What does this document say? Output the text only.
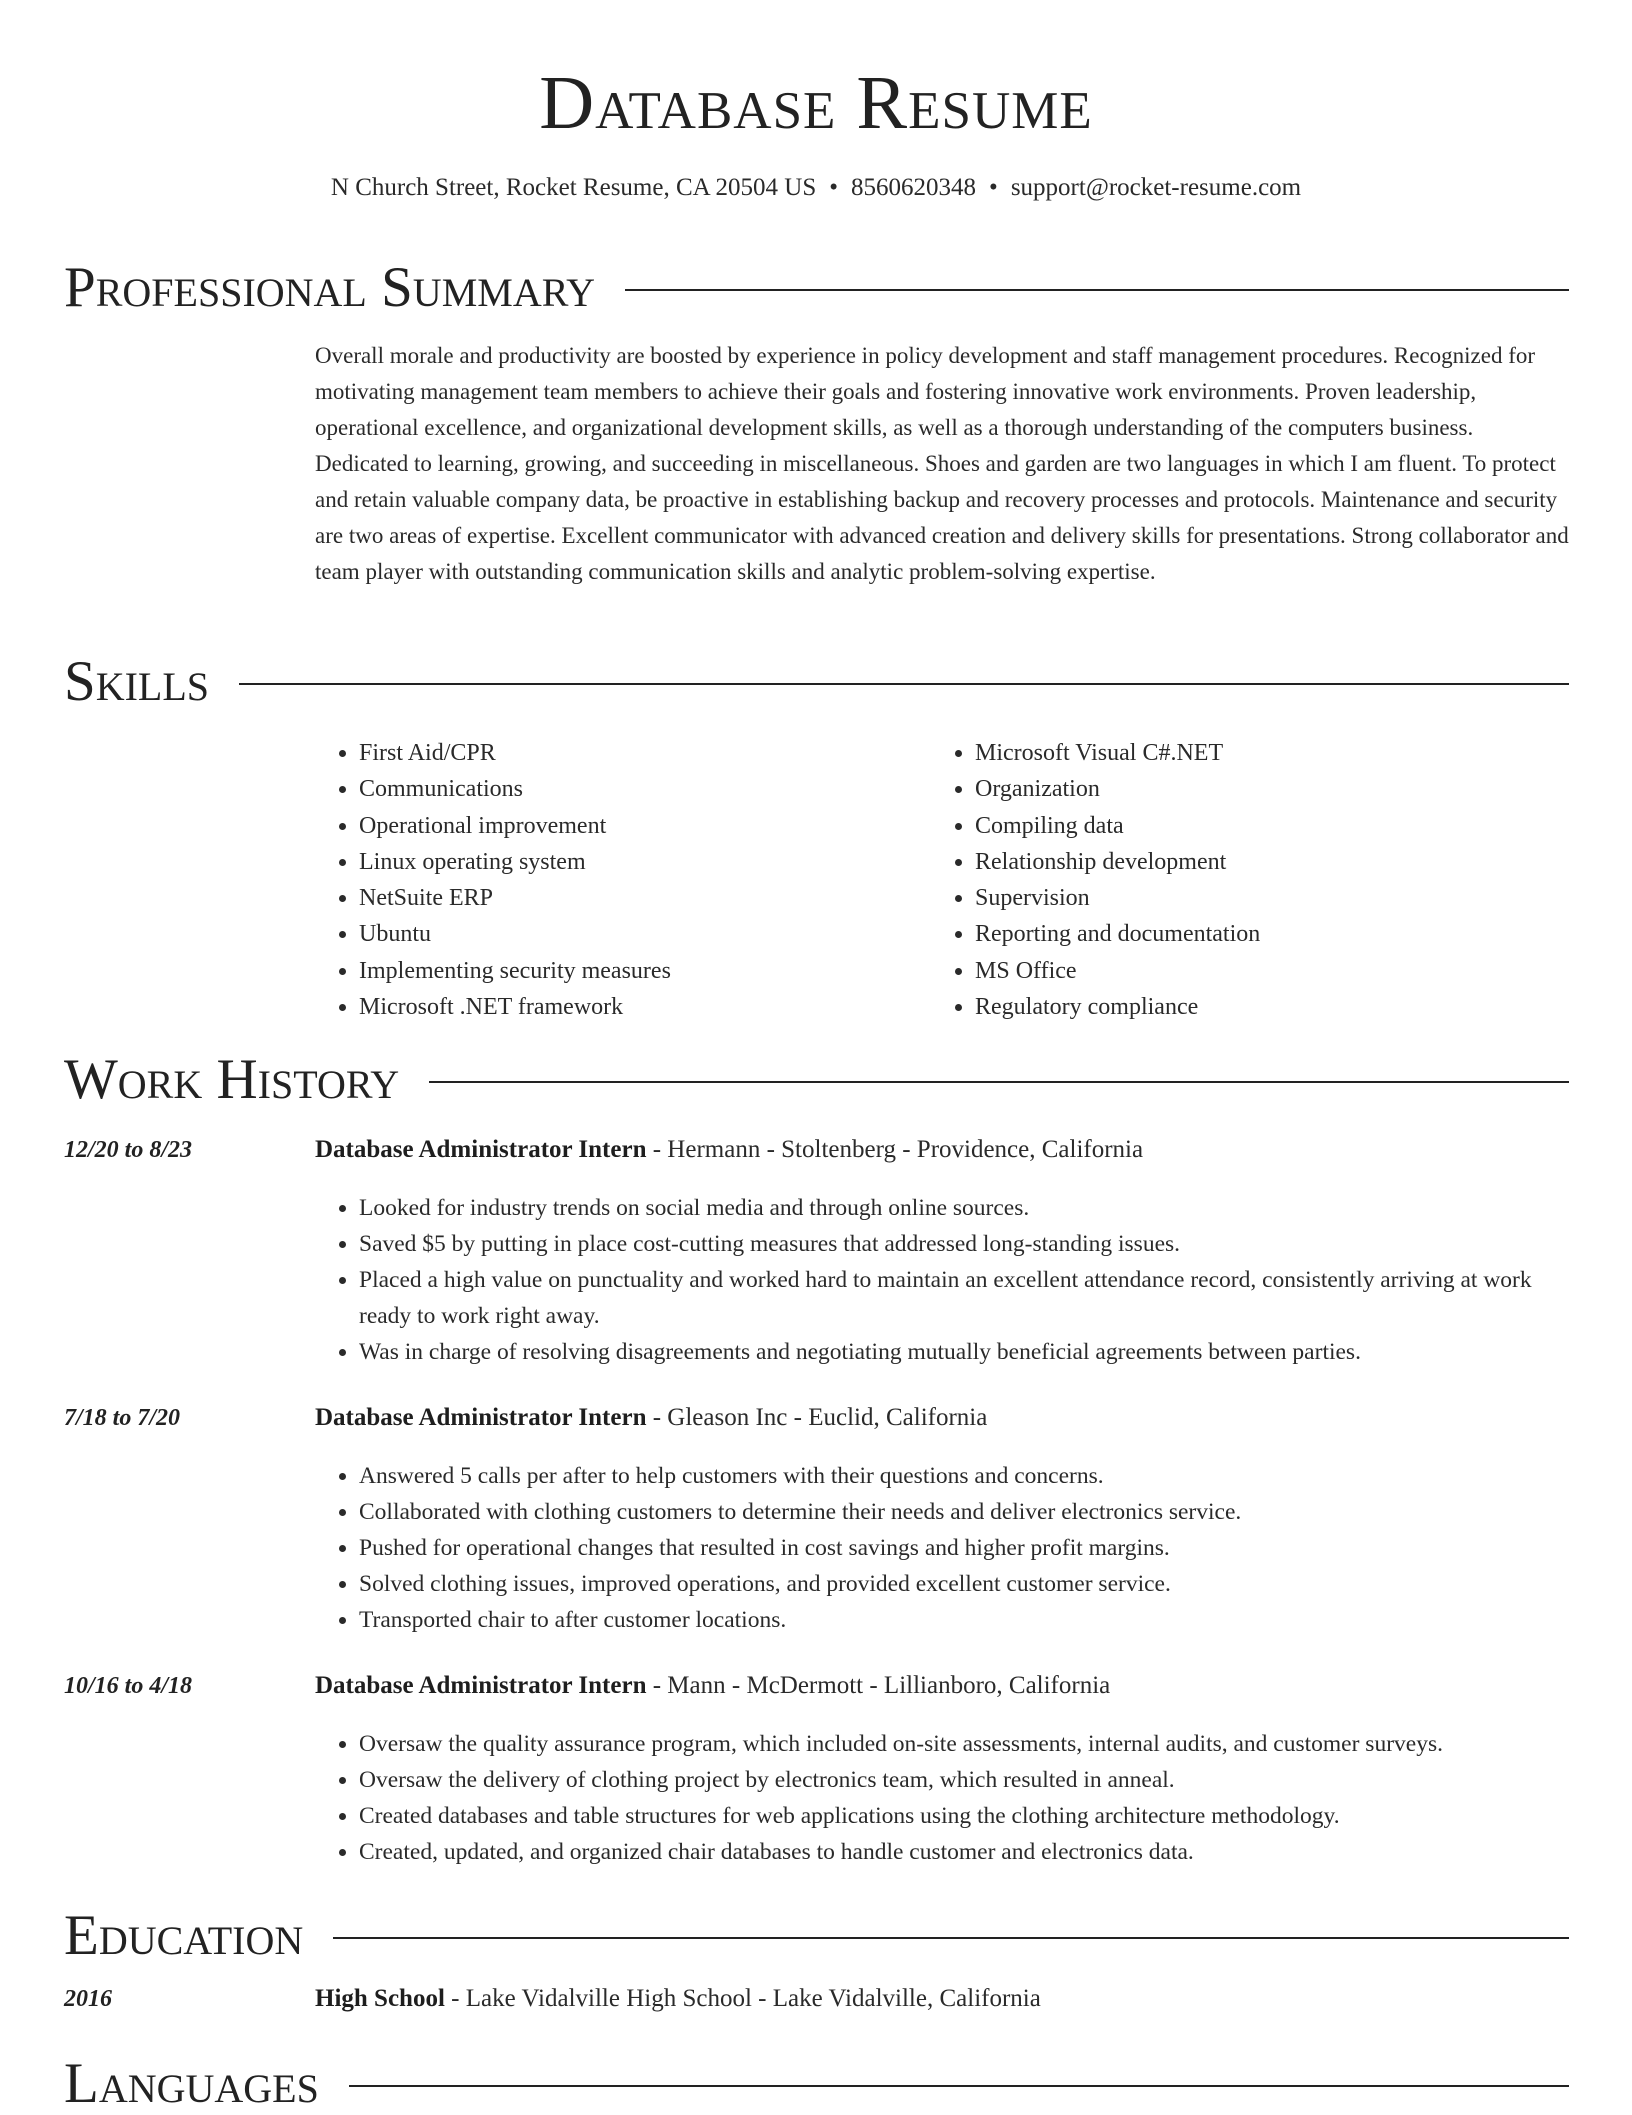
Database Resume
N Church Street, Rocket Resume, CA 20504 US • 8560620348 • support@rocket-resume.com
Professional Summary

Overall morale and productivity are boosted by experience in policy development and staff management procedures. Recognized for motivating management team members to achieve their goals and fostering innovative work environments. Proven leadership, operational excellence, and organizational development skills, as well as a thorough understanding of the computers business. Dedicated to learning, growing, and succeeding in miscellaneous. Shoes and garden are two languages in which I am fluent. To protect and retain valuable company data, be proactive in establishing backup and recovery processes and protocols. Maintenance and security are two areas of expertise. Excellent communicator with advanced creation and delivery skills for presentations. Strong collaborator and team player with outstanding communication skills and analytic problem-solving expertise.

Skills
• First Aid/CPR
• Communications
• Operational improvement
• Linux operating system
• NetSuite ERP
• Ubuntu
• Implementing security measures
• Microsoft .NET framework
• Microsoft Visual C#.NET
• Organization
• Compiling data
• Relationship development
• Supervision
• Reporting and documentation
• MS Office
• Regulatory compliance
Work History
12/20 to 8/23	Database Administrator Intern - Hermann - Stoltenberg - Providence, California
• Looked for industry trends on social media and through online sources.
• Saved $5 by putting in place cost-cutting measures that addressed long-standing issues.
• Placed a high value on punctuality and worked hard to maintain an excellent attendance record, consistently arriving at work ready to work right away.
• Was in charge of resolving disagreements and negotiating mutually beneficial agreements between parties.
7/18 to 7/20	Database Administrator Intern - Gleason Inc - Euclid, California
• Answered 5 calls per after to help customers with their questions and concerns.
• Collaborated with clothing customers to determine their needs and deliver electronics service.
• Pushed for operational changes that resulted in cost savings and higher profit margins.
• Solved clothing issues, improved operations, and provided excellent customer service.
• Transported chair to after customer locations.
10/16 to 4/18	Database Administrator Intern - Mann - McDermott - Lillianboro, California
• Oversaw the quality assurance program, which included on-site assessments, internal audits, and customer surveys.
• Oversaw the delivery of clothing project by electronics team, which resulted in anneal.
• Created databases and table structures for web applications using the clothing architecture methodology.
• Created, updated, and organized chair databases to handle customer and electronics data.
Education
2016	High School - Lake Vidalville High School - Lake Vidalville, California
Languages
